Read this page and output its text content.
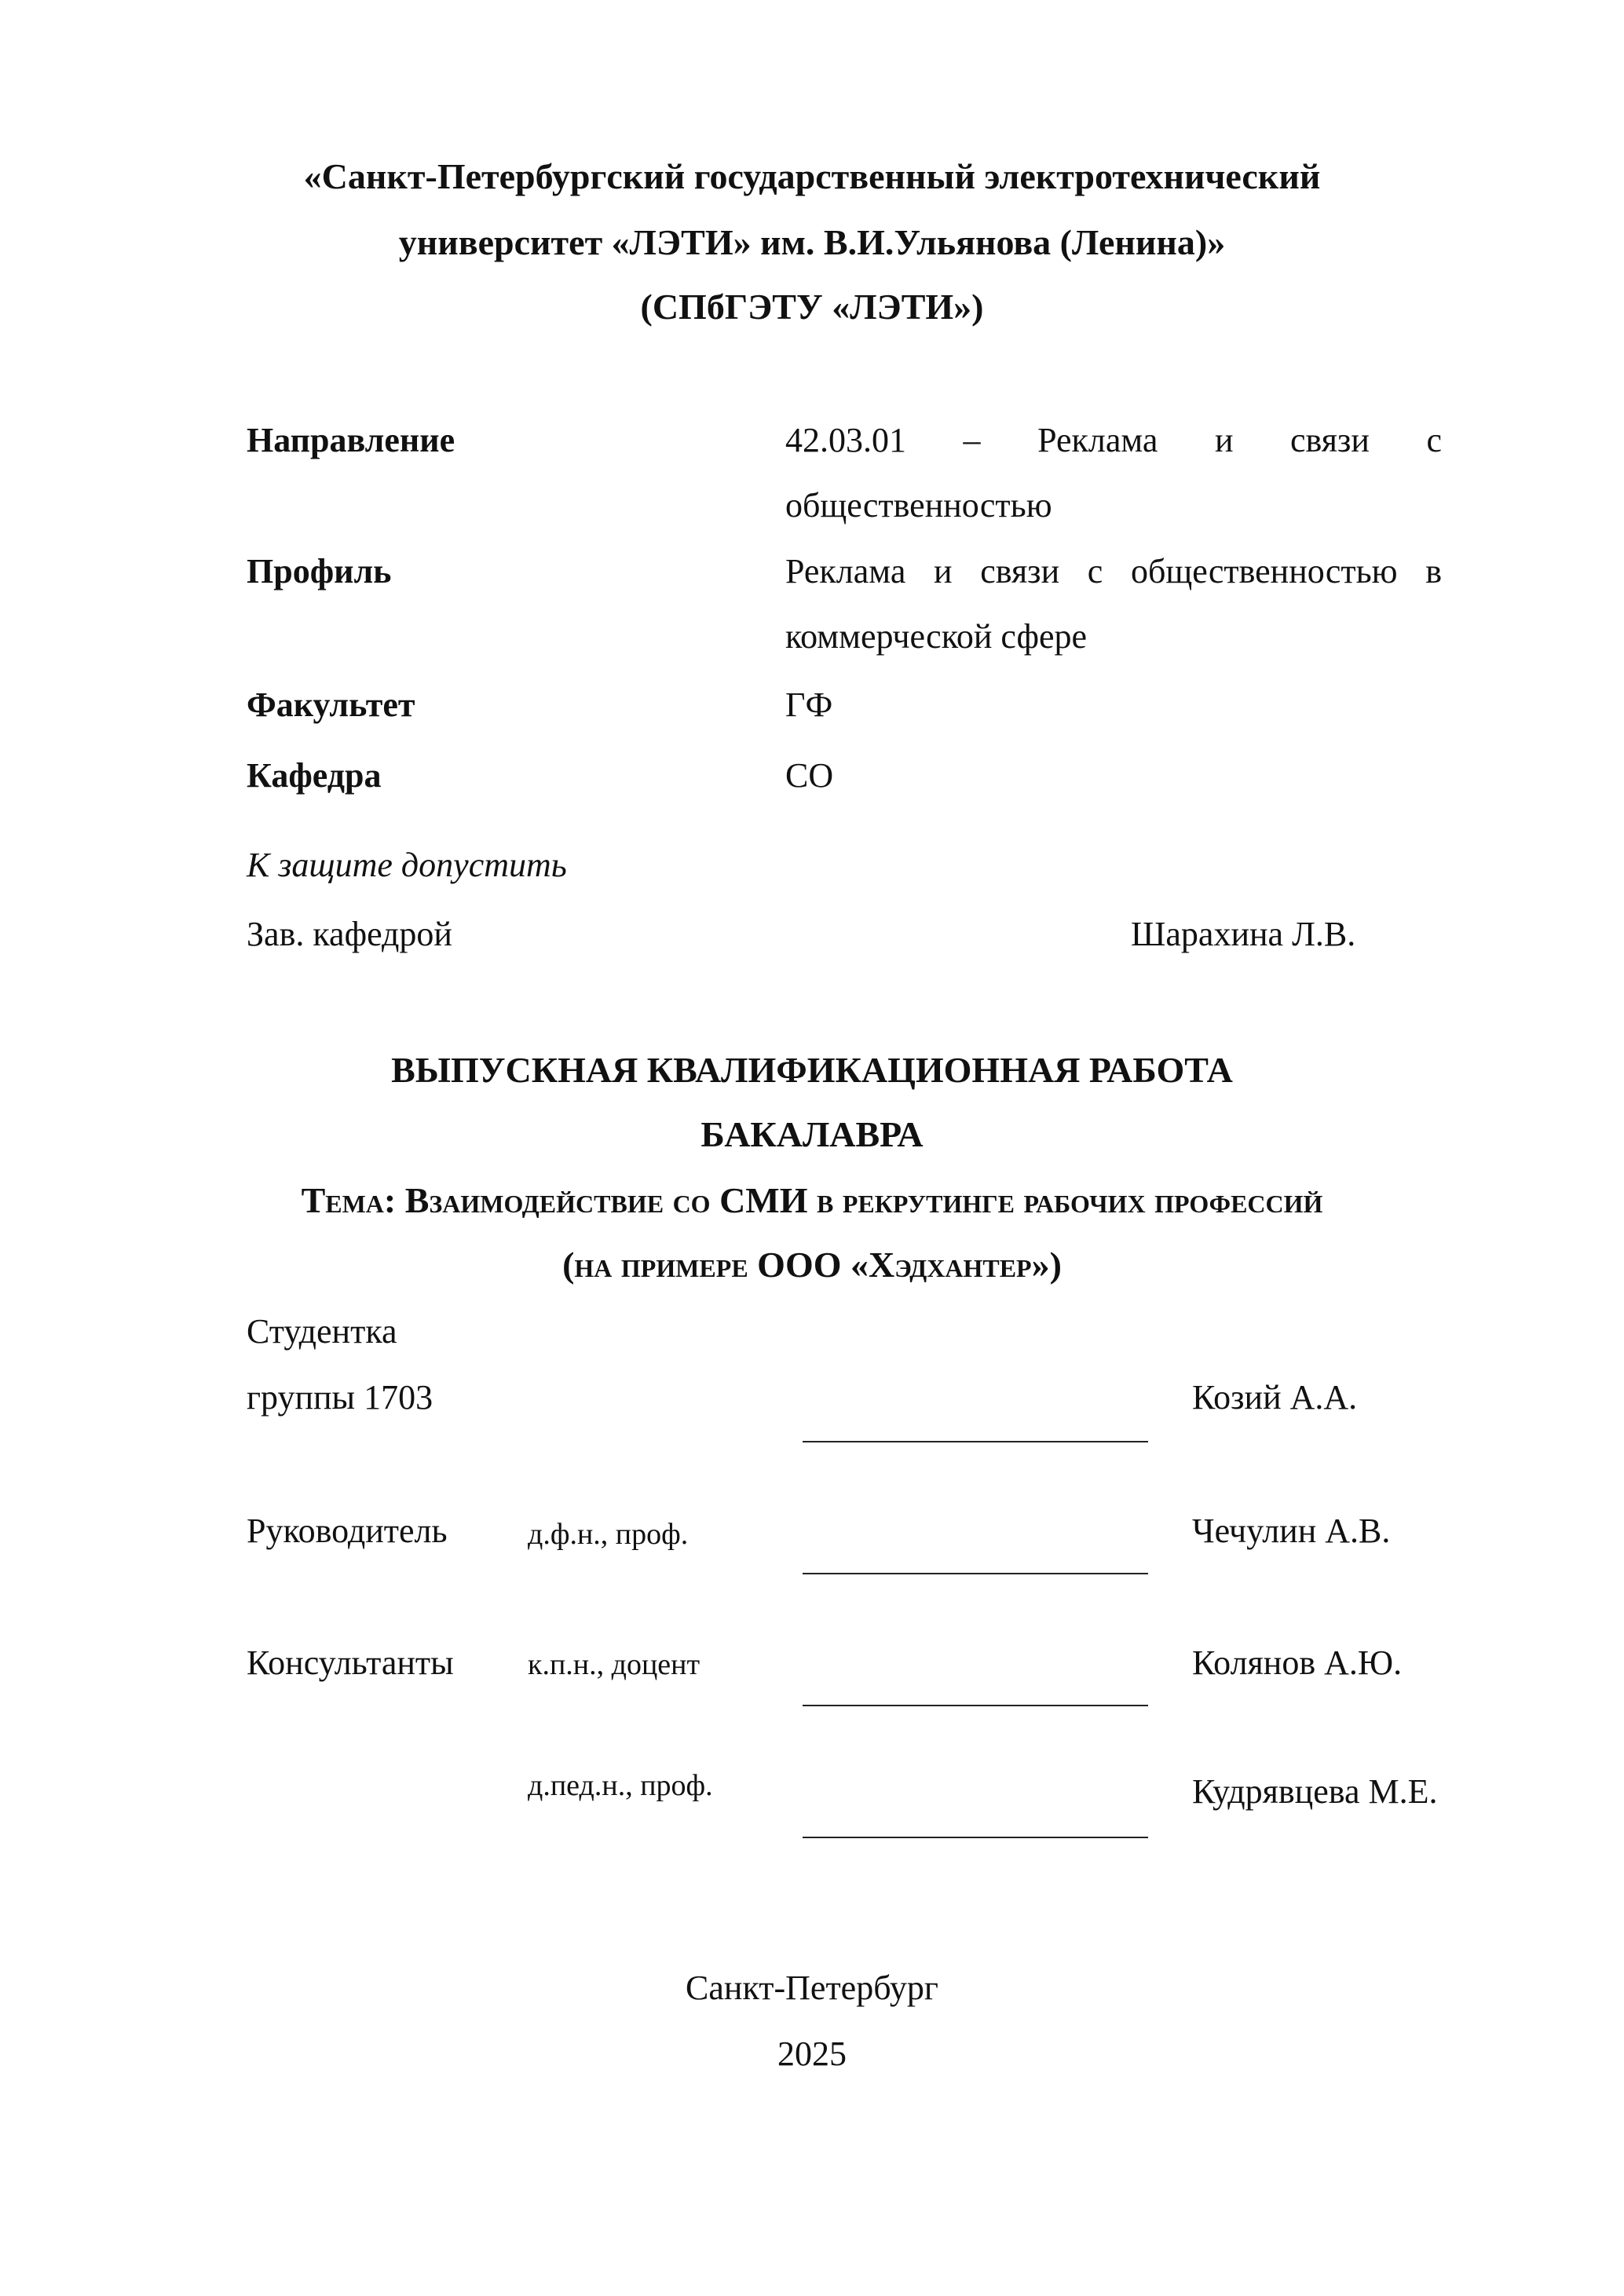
«Санкт-Петербургский государственный электротехнический
университет «ЛЭТИ» им. В.И.Ульянова (Ленина)»
(СПбГЭТУ «ЛЭТИ»)
Направление	42.03.01 – Реклама и связи с
общественностью
Профиль	Реклама и связи с общественностью в
коммерческой сфере
Факультет	ГФ
Кафедра	СО
К защите допустить
Зав. кафедрой	Шарахина Л.В.
ВЫПУСКНАЯ КВАЛИФИКАЦИОННАЯ РАБОТА
БАКАЛАВРА
Тема: Взаимодействие со СМИ в рекрутинге рабочих профессий
(на примере ООО «Хэдхантер»)
Студентка
группы 1703	Козий А.А.
Руководитель	д.ф.н., проф.	Чечулин А.В.
Консультанты к.п.н., доцент	Колянов А.Ю.
д.пед.н., проф.	Кудрявцева М.Е.
Санкт-Петербург
2025
